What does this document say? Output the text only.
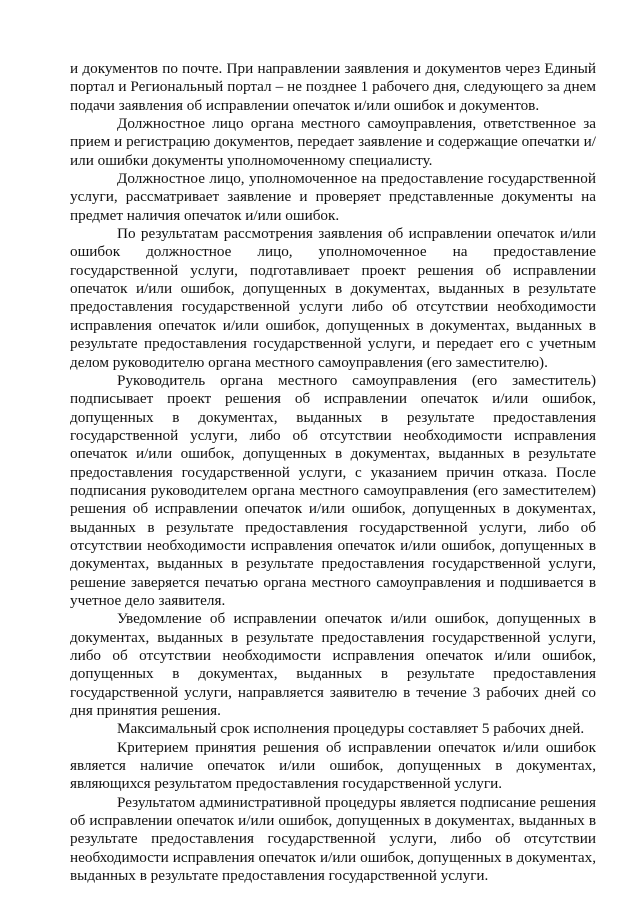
и документов по почте. При направлении заявления и документов через Единый портал и Региональный портал – не позднее 1 рабочего дня, следующего за днем подачи заявления об исправлении опечаток и/или ошибок и документов.

Должностное лицо органа местного самоуправления, ответственное за прием и регистрацию документов, передает заявление и содержащие опечатки и/или ошибки документы уполномоченному специалисту.

Должностное лицо, уполномоченное на предоставление государственной услуги, рассматривает заявление и проверяет представленные документы на предмет наличия опечаток и/или ошибок.

По результатам рассмотрения заявления об исправлении опечаток и/или ошибок должностное лицо, уполномоченное на предоставление государственной услуги, подготавливает проект решения об исправлении опечаток и/или ошибок, допущенных в документах, выданных в результате предоставления государственной услуги либо об отсутствии необходимости исправления опечаток и/или ошибок, допущенных в документах, выданных в результате предоставления государственной услуги, и передает его с учетным делом руководителю органа местного самоуправления (его заместителю).

Руководитель органа местного самоуправления (его заместитель) подписывает проект решения об исправлении опечаток и/или ошибок, допущенных в документах, выданных в результате предоставления государственной услуги, либо об отсутствии необходимости исправления опечаток и/или ошибок, допущенных в документах, выданных в результате предоставления государственной услуги, с указанием причин отказа. После подписания руководителем органа местного самоуправления (его заместителем) решения об исправлении опечаток и/или ошибок, допущенных в документах, выданных в результате предоставления государственной услуги, либо об отсутствии необходимости исправления опечаток и/или ошибок, допущенных в документах, выданных в результате предоставления государственной услуги, решение заверяется печатью органа местного самоуправления и подшивается в учетное дело заявителя.

Уведомление об исправлении опечаток и/или ошибок, допущенных в документах, выданных в результате предоставления государственной услуги, либо об отсутствии необходимости исправления опечаток и/или ошибок, допущенных в документах, выданных в результате предоставления государственной услуги, направляется заявителю в течение 3 рабочих дней со дня принятия решения.

Максимальный срок исполнения процедуры составляет 5 рабочих дней.

Критерием принятия решения об исправлении опечаток и/или ошибок является наличие опечаток и/или ошибок, допущенных в документах, являющихся результатом предоставления государственной услуги.

Результатом административной процедуры является подписание решения об исправлении опечаток и/или ошибок, допущенных в документах, выданных в результате предоставления государственной услуги, либо об отсутствии необходимости исправления опечаток и/или ошибок, допущенных в документах, выданных в результате предоставления государственной услуги.
